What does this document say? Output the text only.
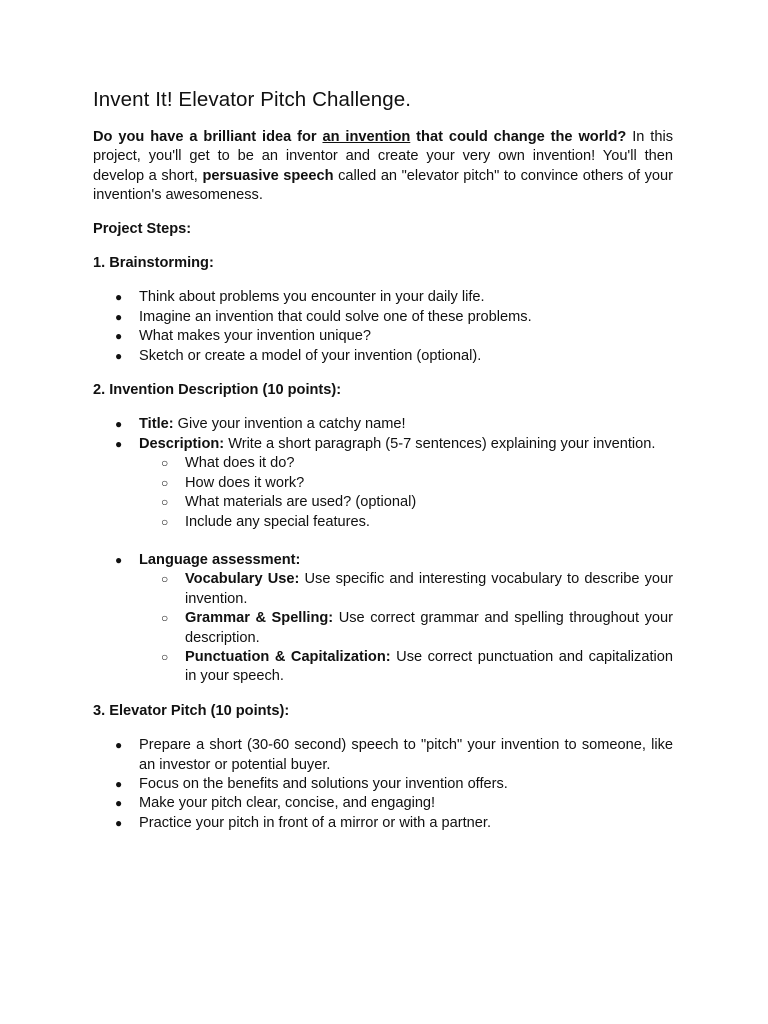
Invent It! Elevator Pitch Challenge.

Do you have a brilliant idea for an invention that could change the world? In this project, you'll get to be an inventor and create your very own invention! You'll then develop a short, persuasive speech called an "elevator pitch" to convince others of your invention's awesomeness.

Project Steps:

1. Brainstorming:

● Think about problems you encounter in your daily life.
● Imagine an invention that could solve one of these problems.
● What makes your invention unique?
● Sketch or create a model of your invention (optional).

2. Invention Description (10 points):

● Title: Give your invention a catchy name!
● Description: Write a short paragraph (5-7 sentences) explaining your invention.
○ What does it do?
○ How does it work?
○ What materials are used? (optional)
○ Include any special features.
● Language assessment:
○ Vocabulary Use: Use specific and interesting vocabulary to describe your invention.
○ Grammar & Spelling: Use correct grammar and spelling throughout your description.
○ Punctuation & Capitalization: Use correct punctuation and capitalization in your speech.

3. Elevator Pitch (10 points):

● Prepare a short (30-60 second) speech to "pitch" your invention to someone, like an investor or potential buyer.
● Focus on the benefits and solutions your invention offers.
● Make your pitch clear, concise, and engaging!
● Practice your pitch in front of a mirror or with a partner.
